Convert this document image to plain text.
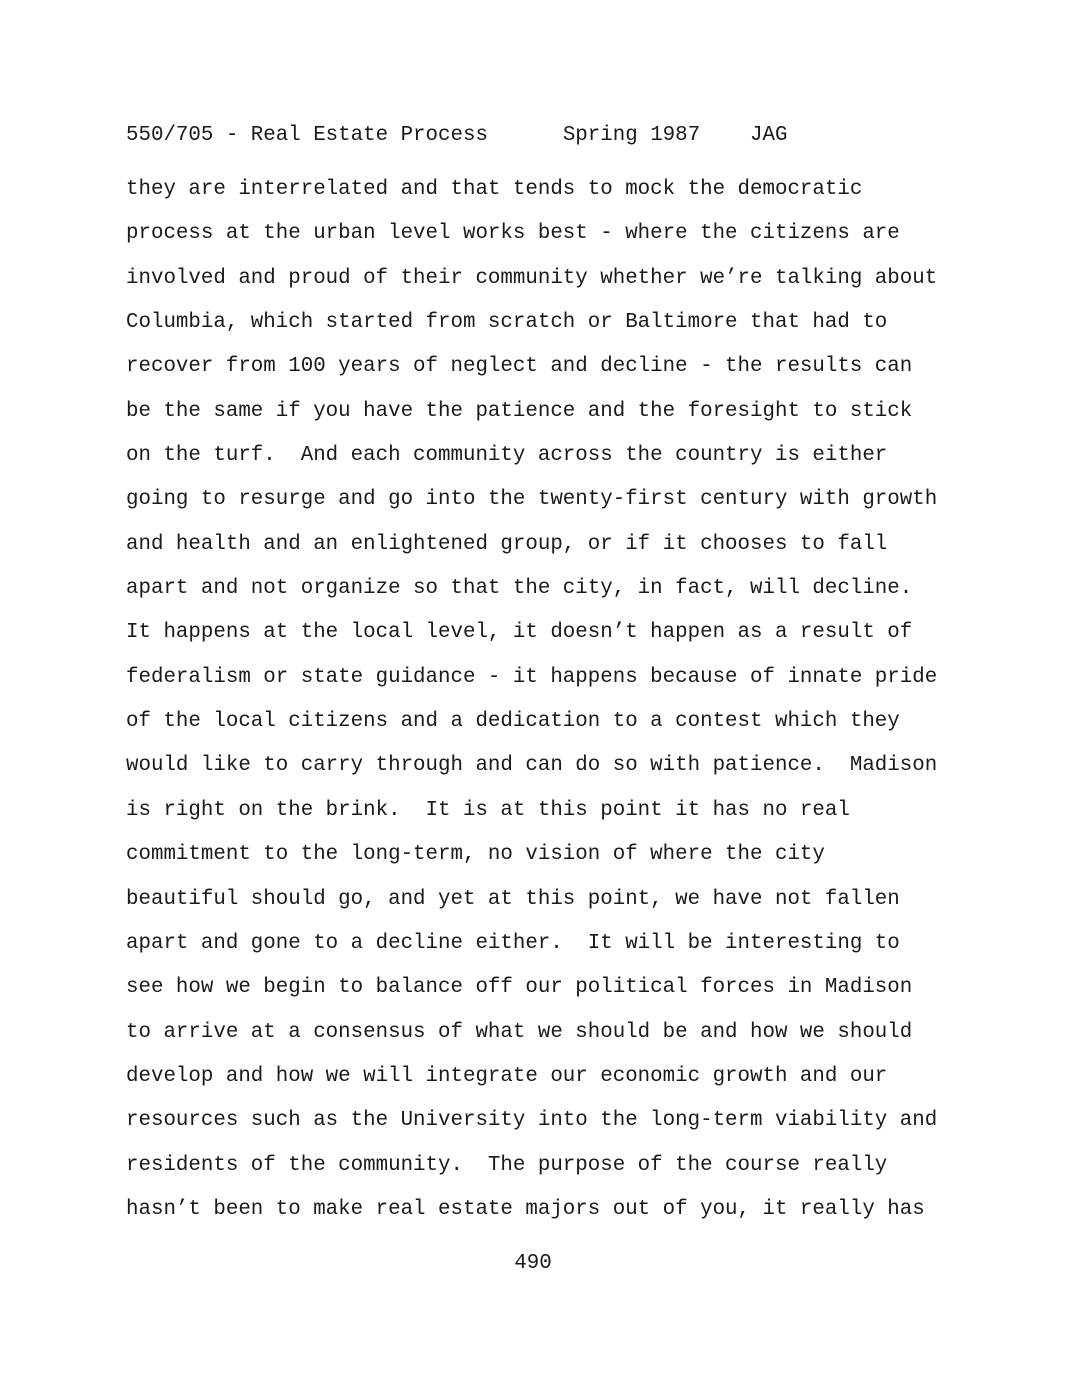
550/705 - Real Estate Process	Spring 1987 JAG
they are interrelated and that tends to mock the democratic
process at the urban level works best - where the citizens are
involved and proud of their community whether we’re talking about
Columbia, which started from scratch or Baltimore that had to
recover from 100 years of neglect and decline - the results can
be the same if you have the patience and the foresight to stick
on the turf.  And each community across the country is either
going to resurge and go into the twenty-first century with growth
and health and an enlightened group, or if it chooses to fall
apart and not organize so that the city, in fact, will decline.
It happens at the local level, it doesn’t happen as a result of
federalism or state guidance - it happens because of innate pride
of the local citizens and a dedication to a contest which they
would like to carry through and can do so with patience.  Madison
is right on the brink.  It is at this point it has no real
commitment to the long-term, no vision of where the city
beautiful should go, and yet at this point, we have not fallen
apart and gone to a decline either.  It will be interesting to
see how we begin to balance off our political forces in Madison
to arrive at a consensus of what we should be and how we should
develop and how we will integrate our economic growth and our
resources such as the University into the long-term viability and
residents of the community.  The purpose of the course really
hasn’t been to make real estate majors out of you, it really has
490
